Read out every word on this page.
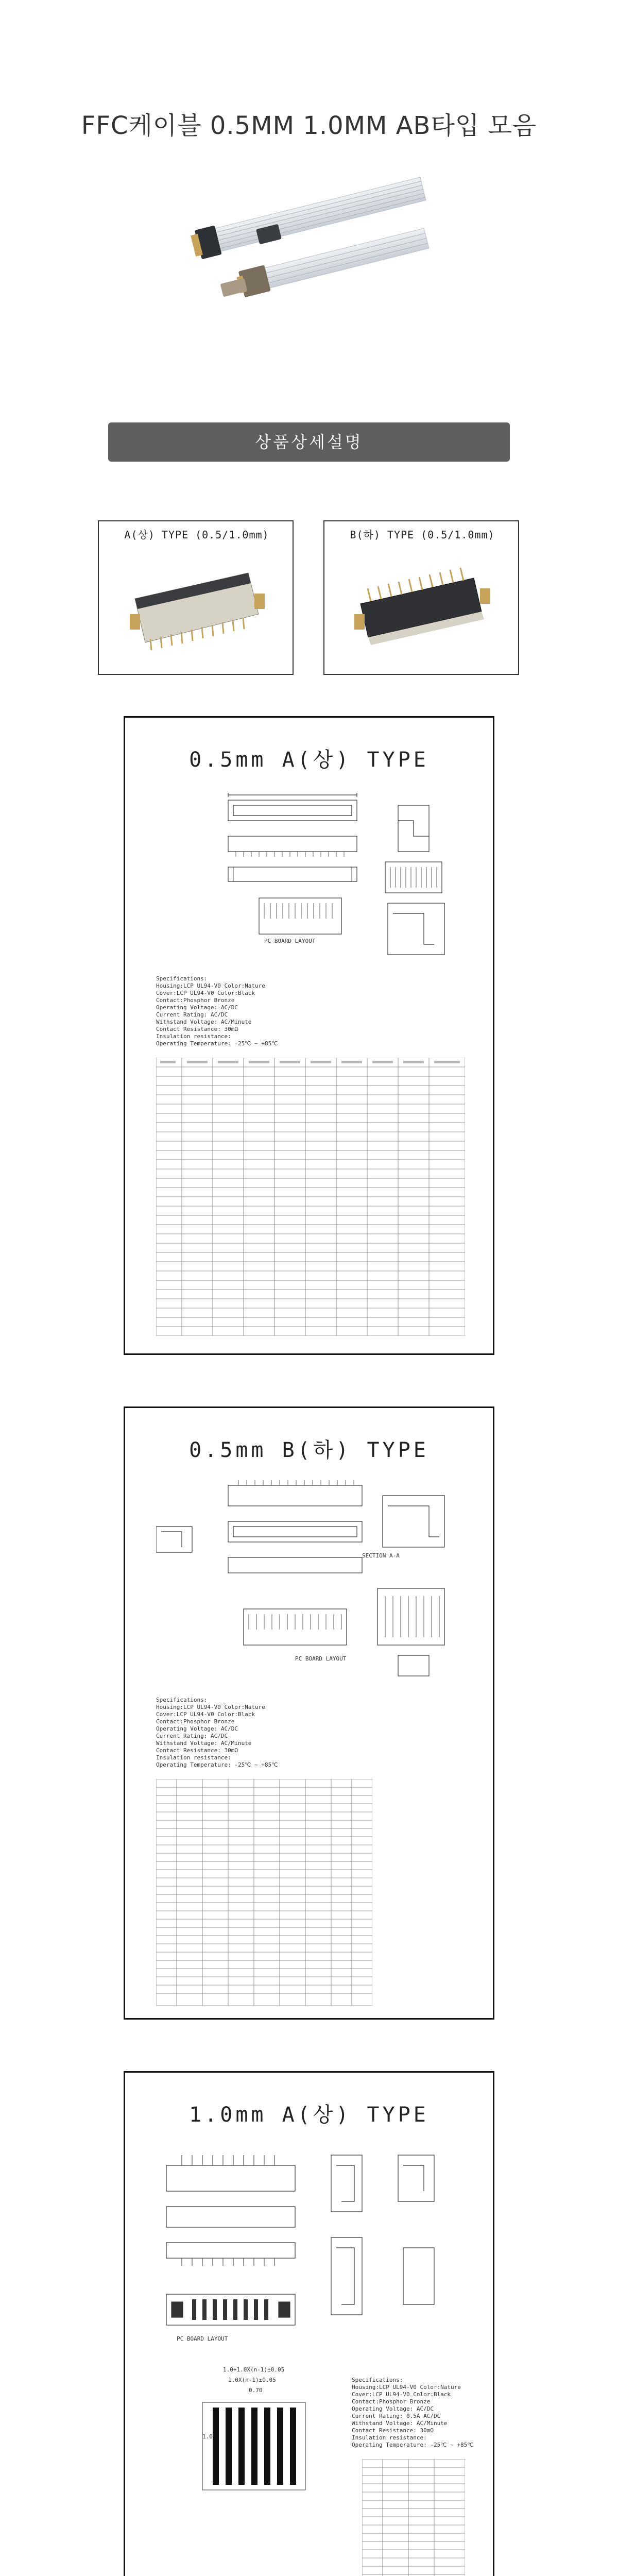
FFC케이블 0.5MM 1.0MM AB타입 모음
상품상세설명
A(상) TYPE (0.5/1.0mm)	B(하) TYPE (0.5/1.0mm)
0.5mm A(상) TYPE
PC BOARD LAYOUT
Specifications:
Housing:LCP UL94-V0 Color:Nature
Cover:LCP UL94-V0 Color:Black
Contact:Phosphor Bronze
Operating Voltage: AC/DC
Current Rating: AC/DC
Withstand Voltage: AC/Minute
Contact Resistance: 30mΩ
Insulation resistance:
Operating Temperature: -25℃ ~ +85℃
0.5mm B(하) TYPE
SECTION A-A
PC BOARD LAYOUT
Specifications:
Housing:LCP UL94-V0 Color:Nature
Cover:LCP UL94-V0 Color:Black
Contact:Phosphor Bronze
Operating Voltage: AC/DC
Current Rating: AC/DC
Withstand Voltage: AC/Minute
Contact Resistance: 30mΩ
Insulation resistance:
Operating Temperature: -25℃ ~ +85℃
1.0mm A(상) TYPE
PC BOARD LAYOUT
1.0+1.0X(n-1)±0.05
1.0X(n-1)±0.05
0.70
1.0
Specifications:
Housing:LCP UL94-V0 Color:Nature
Cover:LCP UL94-V0 Color:Black
Contact:Phosphor Bronze
Operating Voltage: AC/DC
Current Rating: 0.5A AC/DC
Withstand Voltage: AC/Minute
Contact Resistance: 30mΩ
Insulation resistance:
Operating Temperature: -25℃ ~ +85℃
